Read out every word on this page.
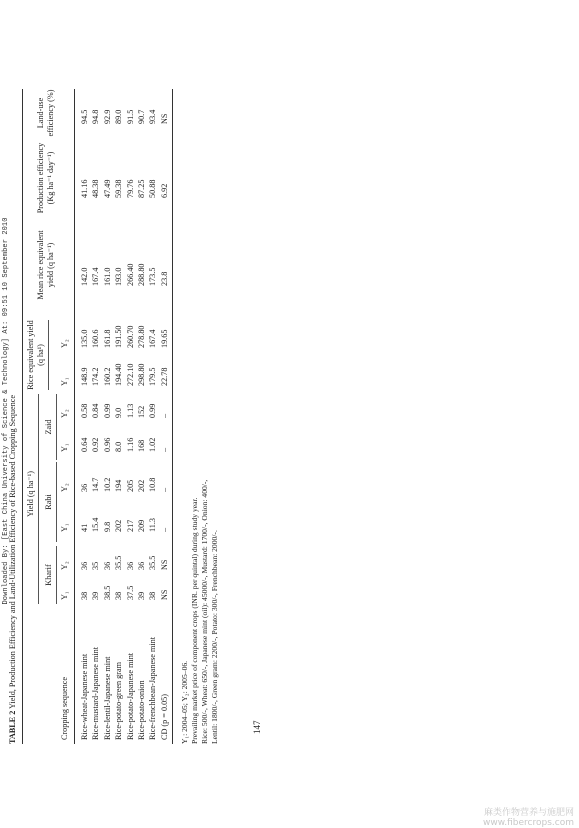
Downloaded By: [East China University of Science & Technology] At: 09:51 10 September 2010
TABLE 2 Yield, Production Efficiency and Land-Utilization Efficiency of Rice-based Cropping Sequence Yield (q ha⁻¹)
Rice equivalent yield (q ha¹)
Mean rice equivalent yield (q ha⁻¹)
Production efficiency (Kg ha⁻¹ day⁻¹)
Land-use efficiency (%)
Kharif
Rabi
Zaid
Cropping sequence
Y₁
Y₂
Y₁
Y₂
Y₁
Y₂
Y₁
Y₂
Rice-wheat-Japanese mint
38
36
41
36
0.64
0.58
148.9
135.0
142.0
41.16
94.5
Rice-mustard-Japanese mint
39
35
15.4
14.7
0.92
0.84
174.2
160.6
167.4
48.38
94.8
Rice-lentil-Japanese mint
38.5
36
9.8
10.2
0.96
0.99
160.2
161.8
161.0
47.49
92.9
Rice-potato-green gram
38
35.5
202
194
8.0
9.0
194.40
191.50
193.0
59.38
89.0
Rice-potato-Japanese mint
37.5
36
217
205
1.16
1.13
272.10
260.70
266.40
79.76
91.5
Rice-potato-onion
39
36
209
202
168
152
298.80
278.80
288.80
87.25
90.7
Rice-frenchbean-Japanese mint
38
35.5
11.3
10.8
1.02
0.99
179.5
167.4
173.5
50.88
93.4
CD (p = 0.05)
NS
NS
–
–
–
–
22.78
19.65
23.8
6.92
NS
Y₁: 2004–05; Y₂: 2005–06. Prevailing market price of component crops (INR. per quintal) during study year. Rice: 500/-, Wheat: 650/-, Japanese mint (oil): 45000/-, Mustard: 1700/-, Onion: 400/-, Lentil: 1800/-, Green gram: 2200/-, Potato: 300/-, Frenchbean: 2000/-.	147
麻类作物营养与施肥网
www.fibercrops.com
